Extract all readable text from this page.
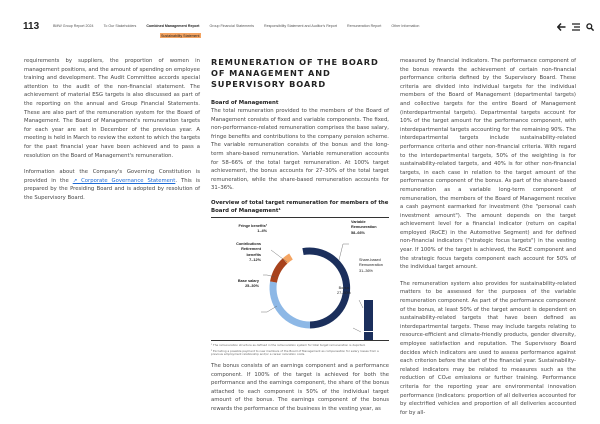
113	BMW Group Report 2024	To Our Stakeholders	Combined Management Report	Group Financial Statements	Responsibility Statement and Auditor's Report	Remuneration Report	Other Information
Sustainability Statement

requirements by suppliers, the proportion of women in management positions, and the amount of spending on employee training and development. The Audit Committee accords special attention to the audit of the non-financial statement. The achievement of material ESG targets is also discussed as part of the reporting on the annual and Group Financial Statements. These are also part of the remuneration system for the Board of Management. The Board of Management's remuneration targets for each year are set in December of the previous year. A meeting is held in March to review the extent to which the targets for the past financial year have been achieved and to pass a resolution on the Board of Management's remuneration.

Information about the Company's Governing Constitution is provided in the ↗ Corporate Governance Statement. This is prepared by the Presiding Board and is adopted by resolution of the Supervisory Board.

REMUNERATION OF THE BOARD OF MANAGEMENT AND SUPERVISORY BOARD
Board of Management

The total remuneration provided to the members of the Board of Management consists of fixed and variable components. The fixed, non-performance-related remuneration comprises the base salary, fringe benefits and contributions to the company pension scheme. The variable remuneration consists of the bonus and the long-term share-based remuneration. Variable remuneration accounts for 58–66% of the total target remuneration. At 100% target achievement, the bonus accounts for 27–30% of the total target remuneration, while the share-based remuneration accounts for 31–36%.

Overview of total target remuneration for members of the Board of Management¹
Fringe benefits²
1–4%
Contributions
Retirement
benefits
7–12%
Base salary
25–30%
Variable
Remuneration
58–66%
Share-based
Remuneration
31–36%
Bonus
27–30%
¹ The remuneration structure as defined in the remuneration system for total target remuneration is depicted.
² Excluding a possible payment to new members of the Board of Management as compensation for salary losses from a previous employment relationship and/or a career relocation costs.

The bonus consists of an earnings component and a performance component. If 100% of the target is achieved for both the performance and the earnings component, the share of the bonus attached to each component is 50% of the individual target amount of the bonus. The earnings component of the bonus rewards the performance of the business in the vesting year, as

measured by financial indicators. The performance component of the bonus rewards the achievement of certain non-financial performance criteria defined by the Supervisory Board. These criteria are divided into individual targets for the individual members of the Board of Management (departmental targets) and collective targets for the entire Board of Management (interdepartmental targets). Departmental targets account for 10% of the target amount for the performance component, with interdepartmental targets accounting for the remaining 90%. The interdepartmental targets include sustainability-related performance criteria and other non-financial criteria. With regard to the interdepartmental targets, 50% of the weighting is for sustainability-related targets, and 40% is for other non-financial targets, in each case in relation to the target amount of the performance component of the bonus. As part of the share-based remuneration as a variable long-term component of remuneration, the members of the Board of Management receive a cash payment earmarked for investment (the "personal cash investment amount"). The amount depends on the target achievement level for a financial indicator (return on capital employed (RoCE) in the Automotive Segment) and for defined non-financial indicators ("strategic focus targets") in the vesting year. If 100% of the target is achieved, the RoCE component and the strategic focus targets component each account for 50% of the individual target amount.

The remuneration system also provides for sustainability-related matters to be assessed for the purposes of the variable remuneration component. As part of the performance component of the bonus, at least 50% of the target amount is dependent on sustainability-related targets that have been defined as interdepartmental targets. These may include targets relating to resource-efficient and climate-friendly products, gender diversity, employee satisfaction and reputation. The Supervisory Board decides which indicators are used to assess performance against each criterion before the start of the financial year. Sustainability-related indicators may be related to measures such as the reduction of CO₂e emissions or further training. Performance criteria for the reporting year are environmental innovation performance (indicators: proportion of all deliveries accounted for by electrified vehicles and proportion of all deliveries accounted for by all-
